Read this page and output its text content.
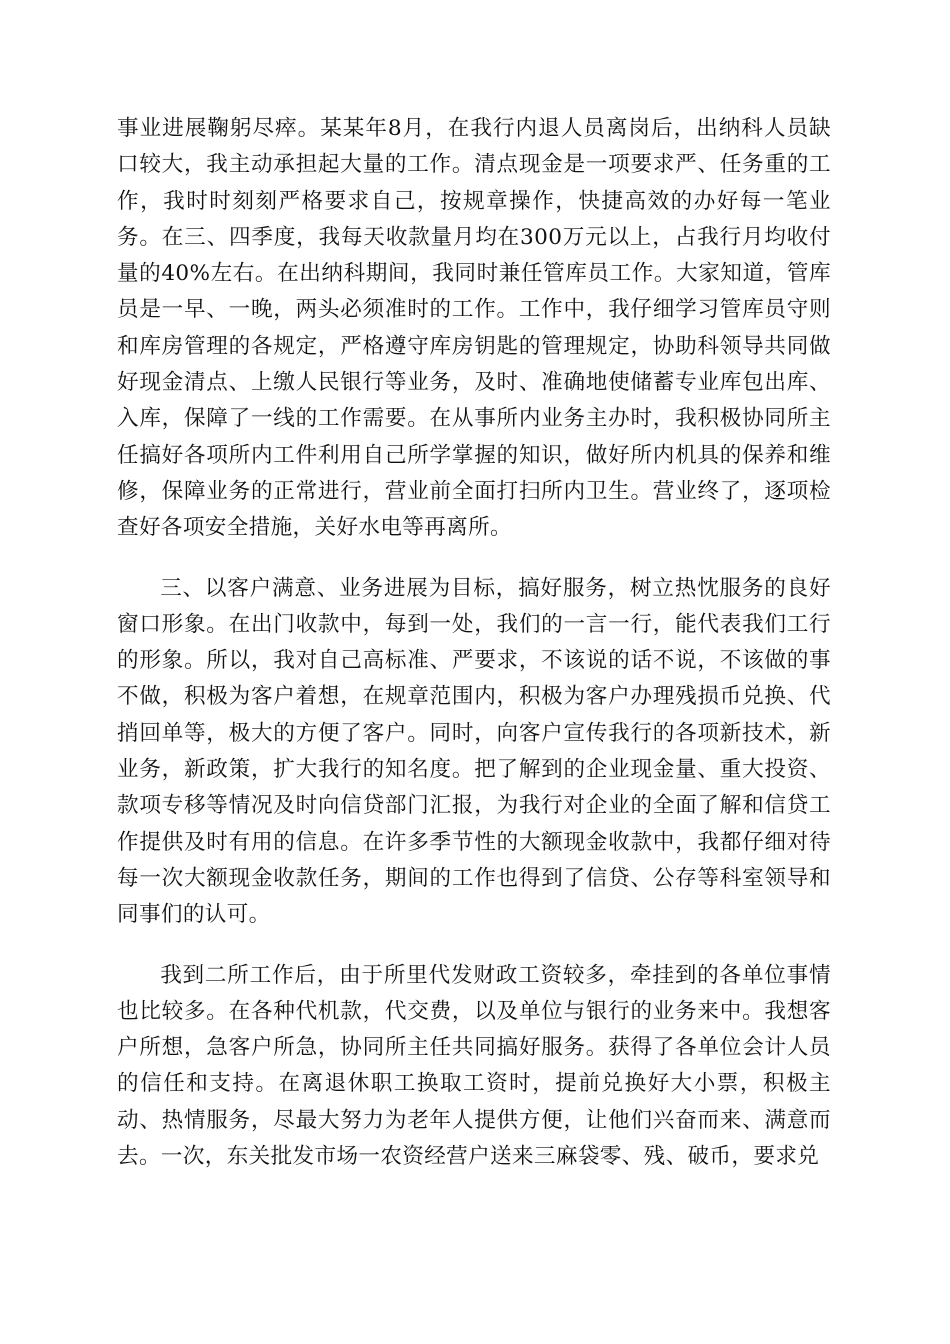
事业进展鞠躬尽瘁。某某年8月，在我行内退人员离岗后，出纳科人员缺口较大，我主动承担起大量的工作。清点现金是一项要求严、任务重的工作，我时时刻刻严格要求自己，按规章操作，快捷高效的办好每一笔业务。在三、四季度，我每天收款量月均在300万元以上，占我行月均收付量的40%左右。在出纳科期间，我同时兼任管库员工作。大家知道，管库员是一早、一晚，两头必须准时的工作。工作中，我仔细学习管库员守则和库房管理的各规定，严格遵守库房钥匙的管理规定，协助科领导共同做好现金清点、上缴人民银行等业务，及时、准确地使储蓄专业库包出库、入库，保障了一线的工作需要。在从事所内业务主办时，我积极协同所主任搞好各项所内工件利用自己所学掌握的知识，做好所内机具的保养和维修，保障业务的正常进行，营业前全面打扫所内卫生。营业终了，逐项检查好各项安全措施，关好水电等再离所。

三、以客户满意、业务进展为目标，搞好服务，树立热忱服务的良好窗口形象。在出门收款中，每到一处，我们的一言一行，能代表我们工行的形象。所以，我对自己高标准、严要求，不该说的话不说，不该做的事不做，积极为客户着想，在规章范围内，积极为客户办理残损币兑换、代捎回单等，极大的方便了客户。同时，向客户宣传我行的各项新技术，新业务，新政策，扩大我行的知名度。把了解到的企业现金量、重大投资、款项专移等情况及时向信贷部门汇报，为我行对企业的全面了解和信贷工作提供及时有用的信息。在许多季节性的大额现金收款中，我都仔细对待每一次大额现金收款任务，期间的工作也得到了信贷、公存等科室领导和同事们的认可。

我到二所工作后，由于所里代发财政工资较多，牵挂到的各单位事情也比较多。在各种代机款，代交费，以及单位与银行的业务来中。我想客户所想，急客户所急，协同所主任共同搞好服务。获得了各单位会计人员的信任和支持。在离退休职工换取工资时，提前兑换好大小票，积极主动、热情服务，尽最大努力为老年人提供方便，让他们兴奋而来、满意而去。一次，东关批发市场一农资经营户送来三麻袋零、残、破币，要求兑
